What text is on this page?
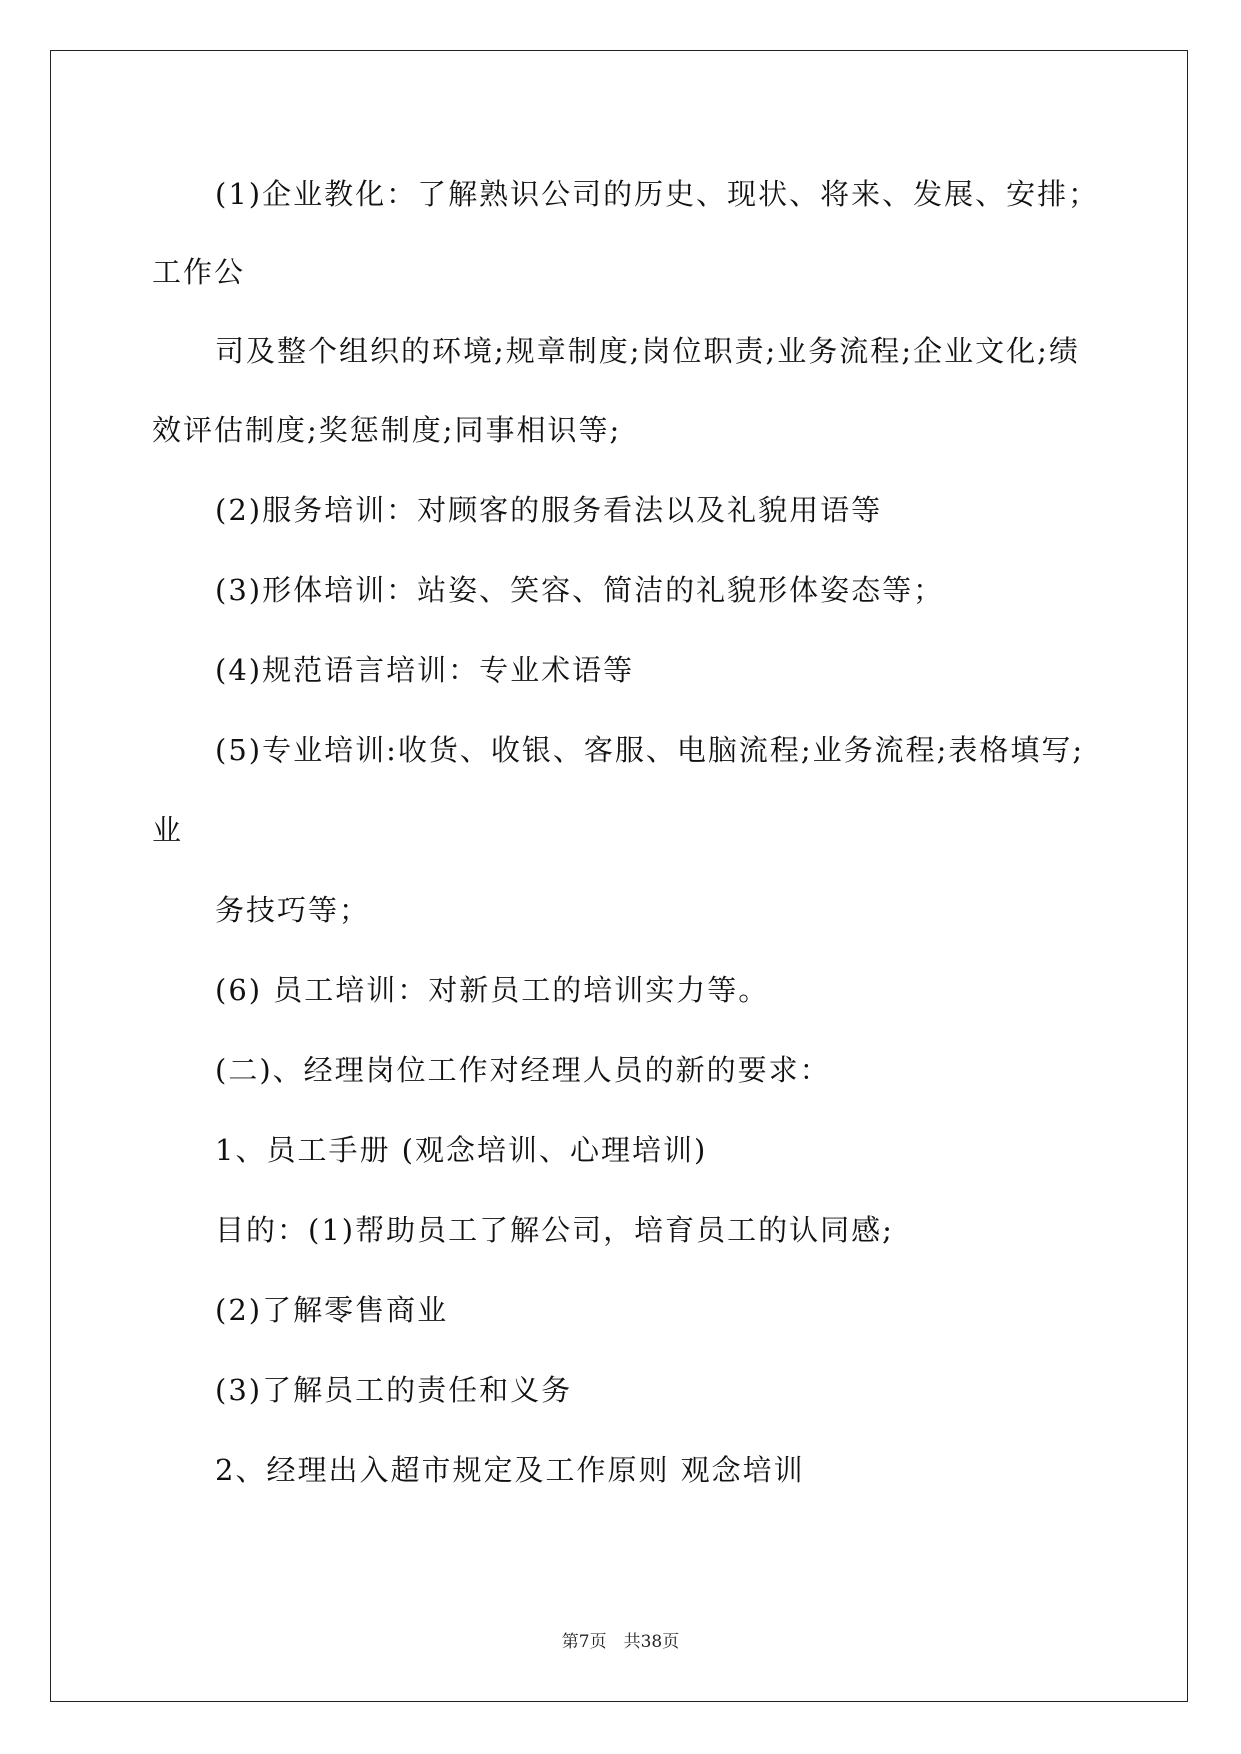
(1)企业教化：了解熟识公司的历史、现状、将来、发展、安排；
工作公
司及整个组织的环境;规章制度;岗位职责;业务流程;企业文化;绩
效评估制度;奖惩制度;同事相识等;
(2)服务培训：对顾客的服务看法以及礼貌用语等
(3)形体培训：站姿、笑容、简洁的礼貌形体姿态等；
(4)规范语言培训：专业术语等
(5)专业培训:收货、收银、客服、电脑流程;业务流程;表格填写;
业
务技巧等；
(6) 员工培训：对新员工的培训实力等。
(二)、经理岗位工作对经理人员的新的要求：
1、员工手册 (观念培训、心理培训)
目的：(1)帮助员工了解公司，培育员工的认同感;
(2)了解零售商业
(3)了解员工的责任和义务
2、经理出入超市规定及工作原则 观念培训
第7页　共38页
